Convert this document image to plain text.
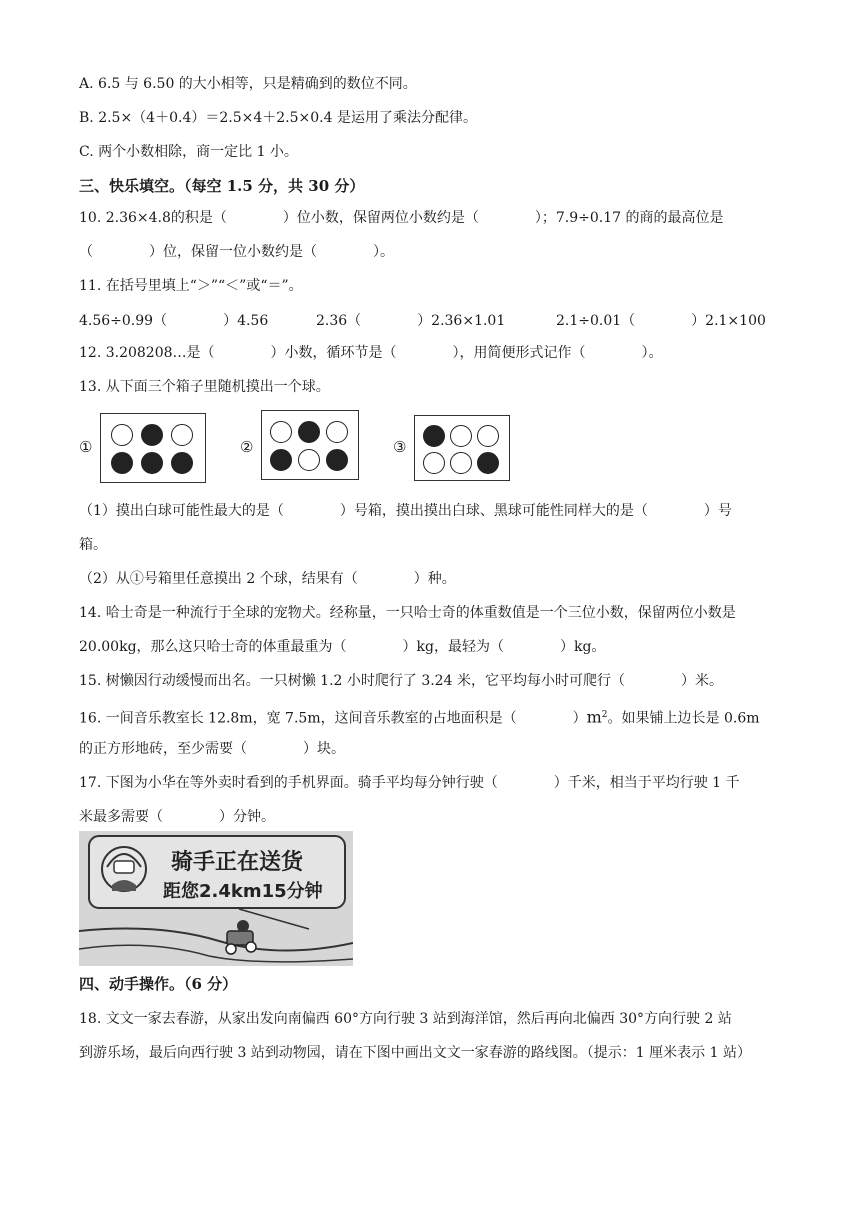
A. 6.5 与 6.50 的大小相等，只是精确到的数位不同。
B. 2.5×（4＋0.4）＝2.5×4＋2.5×0.4 是运用了乘法分配律。
C. 两个小数相除，商一定比 1 小。
三、快乐填空。（每空 1.5 分，共 30 分）
10. 2.36×4.8的积是（　　　　）位小数，保留两位小数约是（　　　　）；7.9÷0.17 的商的最高位是
（　　　　）位，保留一位小数约是（　　　　）。
11. 在括号里填上“＞”“＜”或“＝”。
4.56÷0.99（　　　　）4.56	2.36（　　　　）2.36×1.01	2.1÷0.01（　　　　）2.1×100
12. 3.208208…是（　　　　）小数，循环节是（　　　　），用简便形式记作（　　　　）。
13. 从下面三个箱子里随机摸出一个球。
①	②	③
（1）摸出白球可能性最大的是（　　　　）号箱，摸出摸出白球、黑球可能性同样大的是（　　　　）号
箱。
（2）从①号箱里任意摸出 2 个球，结果有（　　　　）种。
14. 哈士奇是一种流行于全球的宠物犬。经称量，一只哈士奇的体重数值是一个三位小数，保留两位小数是
20.00kg，那么这只哈士奇的体重最重为（　　　　）kg，最轻为（　　　　）kg。
15. 树懒因行动缓慢而出名。一只树懒 1.2 小时爬行了 3.24 米，它平均每小时可爬行（　　　　）米。
16. 一间音乐教室长 12.8m，宽 7.5m，这间音乐教室的占地面积是（　　　　）$m^2$。如果铺上边长是 0.6m
的正方形地砖，至少需要（　　　　）块。
17. 下图为小华在等外卖时看到的手机界面。骑手平均每分钟行驶（　　　　）千米，相当于平均行驶 1 千
米最多需要（　　　　）分钟。
骑手正在送货
距您2.4km15分钟
四、动手操作。（6 分）
18. 文文一家去春游，从家出发向南偏西 60°方向行驶 3 站到海洋馆，然后再向北偏西 30°方向行驶 2 站
到游乐场，最后向西行驶 3 站到动物园，请在下图中画出文文一家春游的路线图。（提示：1 厘米表示 1 站）
